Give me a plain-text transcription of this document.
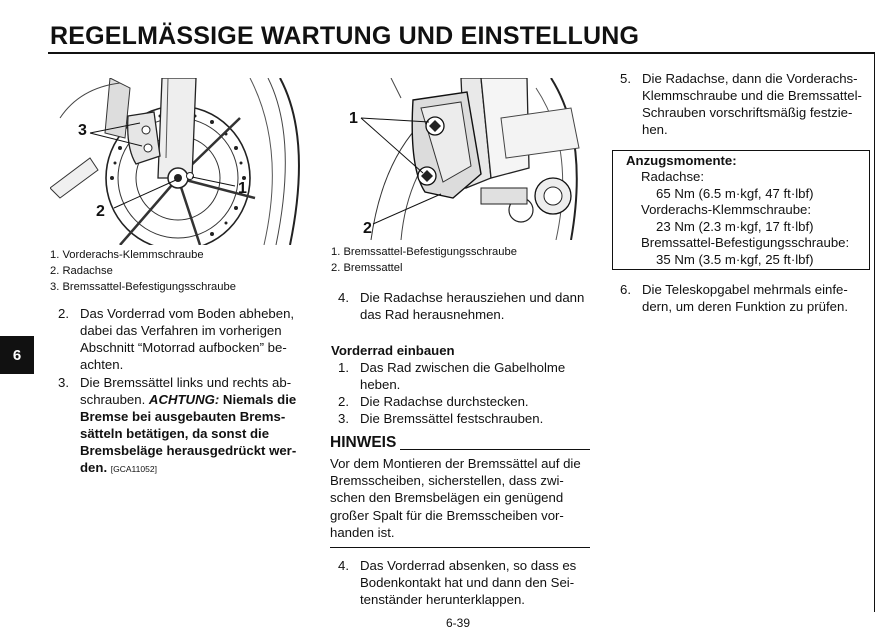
REGELMÄSSIGE WARTUNG UND EINSTELLUNG
6
3
2
1
1. Vorderachs-Klemmschraube
2. Radachse
3. Bremssattel-Befestigungsschraube
1
2
1. Bremssattel-Befestigungsschraube
2. Bremssattel
2. Das Vorderrad vom Boden abheben,
dabei das Verfahren im vorherigen
Abschnitt “Motorrad aufbocken” be-
achten.
3. Die Bremssättel links und rechts ab-
schrauben. ACHTUNG: Niemals die
Bremse bei ausgebauten Brems-
sätteln betätigen, da sonst die
Bremsbeläge herausgedrückt wer-
den. [GCA11052]
4. Die Radachse herausziehen und dann
das Rad herausnehmen.
Vorderrad einbauen
1. Das Rad zwischen die Gabelholme
heben.
2. Die Radachse durchstecken.
3. Die Bremssättel festschrauben.
HINWEIS
Vor dem Montieren der Bremssättel auf die
Bremsscheiben, sicherstellen, dass zwi-
schen den Bremsbelägen ein genügend
großer Spalt für die Bremsscheiben vor-
handen ist.
4. Das Vorderrad absenken, so dass es
Bodenkontakt hat und dann den Sei-
tenständer herunterklappen.
5. Die Radachse, dann die Vorderachs-
Klemmschraube und die Bremssattel-
Schrauben vorschriftsmäßig festzie-
hen.
Anzugsmomente:
Radachse:
65 Nm (6.5 m·kgf, 47 ft·lbf)
Vorderachs-Klemmschraube:
23 Nm (2.3 m·kgf, 17 ft·lbf)
Bremssattel-Befestigungsschraube:
35 Nm (3.5 m·kgf, 25 ft·lbf)
6. Die Teleskopgabel mehrmals einfe-
dern, um deren Funktion zu prüfen.
6-39
